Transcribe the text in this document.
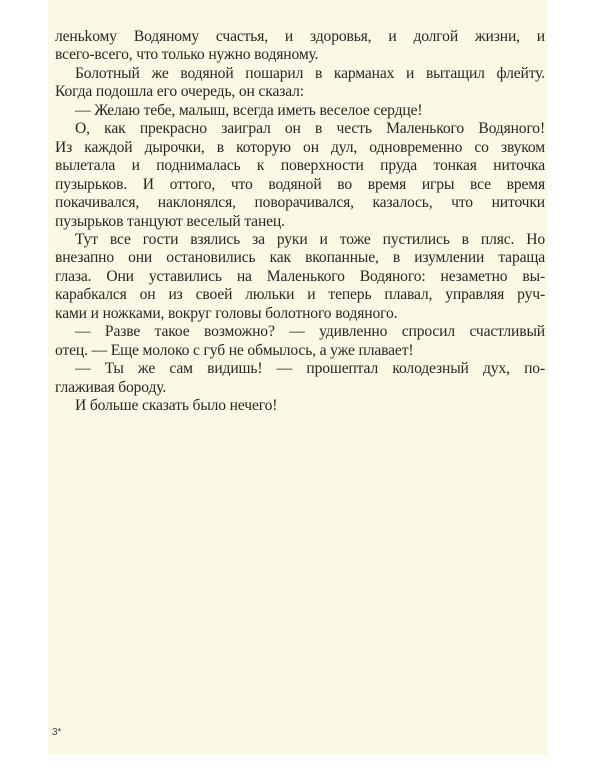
леньkому Водяному счастья, и здоровья, и долгой жизни, и
всего-всего, что только нужно водяному.
Болотный же водяной пошарил в карманах и вытащил флейту.
Когда подошла его очередь, он сказал:
— Желаю тебе, малыш, всегда иметь веселое сердце!
О, как прекрасно заиграл он в честь Маленького Водяного!
Из каждой дырочки, в которую он дул, одновременно со звуком
вылетала и поднималась к поверхности пруда тонкая ниточка
пузырьков. И оттого, что водяной во время игры все время
покачивался, наклонялся, поворачивался, казалось, что ниточки
пузырьков танцуют веселый танец.
Тут все гости взялись за руки и тоже пустились в пляс. Но
внезапно они остановились как вкопанные, в изумлении тараща
глаза. Они уставились на Маленького Водяного: незаметно вы-
карабкался он из своей люльки и теперь плавал, управляя руч-
ками и ножками, вокруг головы болотного водяного.
— Разве такое возможно? — удивленно спросил счастливый
отец. — Еще молоко с губ не обмылось, а уже плавает!
— Ты же сам видишь! — прошептал колодезный дух, по-
глаживая бороду.
И больше сказать было нечего!
3*
